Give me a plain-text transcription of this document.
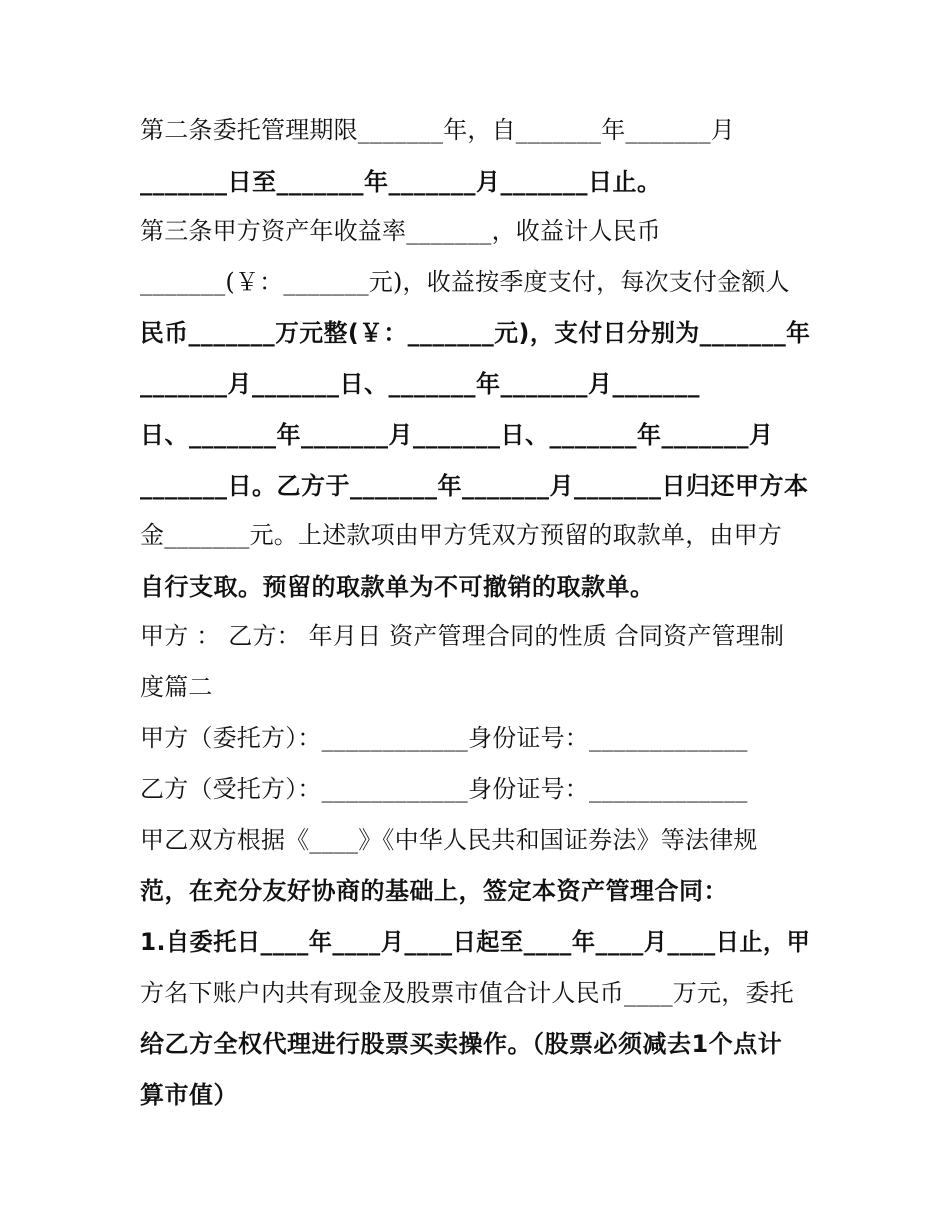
第二条委托管理期限_______年，自_______年_______月
_______日至_______年_______月_______日止。
第三条甲方资产年收益率_______，收益计人民币
_______(￥：_______元)，收益按季度支付，每次支付金额人
民币_______万元整(￥：_______元)，支付日分别为_______年
_______月_______日、_______年_______月_______
日、_______年_______月_______日、_______年_______月
_______日。乙方于_______年_______月_______日归还甲方本
金_______元。上述款项由甲方凭双方预留的取款单，由甲方
自行支取。预留的取款单为不可撤销的取款单。
甲方 ： 乙方： 年月日 资产管理合同的性质 合同资产管理制
度篇二
甲方（委托方）：____________身份证号：_____________
乙方（受托方）：____________身份证号：_____________
甲乙双方根据《____》《中华人民共和国证券法》等法律规
范，在充分友好协商的基础上，签定本资产管理合同：
1.自委托日____年____月____日起至____年____月____日止，甲
方名下账户内共有现金及股票市值合计人民币____万元，委托
给乙方全权代理进行股票买卖操作。（股票必须减去1个点计
算市值）
